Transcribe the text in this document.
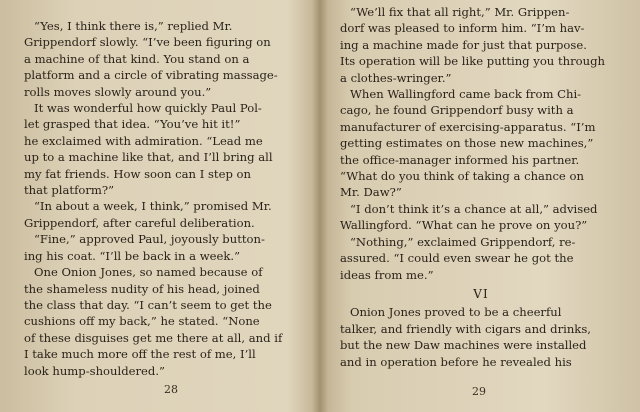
“Yes, I think there is,” replied Mr.
Grippendorf slowly. “I’ve been figuring on
a machine of that kind. You stand on a
platform and a circle of vibrating massage-
rolls moves slowly around you.”
It was wonderful how quickly Paul Pol-
let grasped that idea. “You’ve hit it!”
he exclaimed with admiration. “Lead me
up to a machine like that, and I’ll bring all
my fat friends. How soon can I step on
that platform?”
“In about a week, I think,” promised Mr.
Grippendorf, after careful deliberation.
“Fine,” approved Paul, joyously button-
ing his coat. “I’ll be back in a week.”
One Onion Jones, so named because of
the shameless nudity of his head, joined
the class that day. “I can’t seem to get the
cushions off my back,” he stated. “None
of these disguises get me there at all, and if
I take much more off the rest of me, I’ll
look hump-shouldered.”
28
“We’ll fix that all right,” Mr. Grippen-
dorf was pleased to inform him. “I’m hav-
ing a machine made for just that purpose.
Its operation will be like putting you through
a clothes-wringer.”
When Wallingford came back from Chi-
cago, he found Grippendorf busy with a
manufacturer of exercising-apparatus. “I’m
getting estimates on those new machines,”
the office-manager informed his partner.
“What do you think of taking a chance on
Mr. Daw?”
“I don’t think it’s a chance at all,” advised
Wallingford. “What can he prove on you?”
“Nothing,” exclaimed Grippendorf, re-
assured. “I could even swear he got the
ideas from me.”
VI
Onion Jones proved to be a cheerful
talker, and friendly with cigars and drinks,
but the new Daw machines were installed
and in operation before he revealed his
29
